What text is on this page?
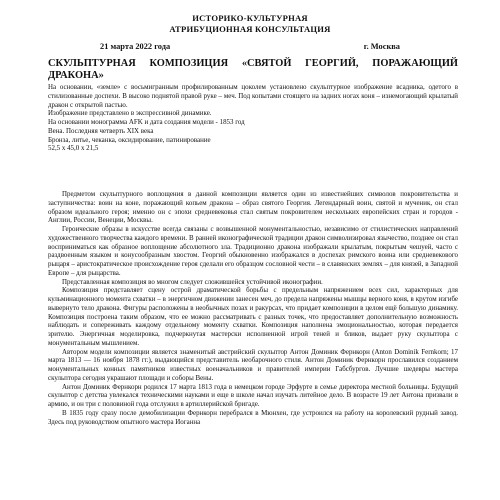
ИСТОРИКО-КУЛЬТУРНАЯ
АТРИБУЦИОННАЯ КОНСУЛЬТАЦИЯ
21 марта 2022 года	г. Москва
СКУЛЬПТУРНАЯ КОМПОЗИЦИЯ «СВЯТОЙ ГЕОРГИЙ, ПОРАЖАЮЩИЙ
ДРАКОНА»

На основании, «земле» с восьмигранным профилированным цоколем установлено скульптурное изображение всадника, одетого в стилизованные доспехи. В высоко поднятой правой руке – меч. Под копытами стоящего на задних ногах коня – изнемогающий крылатый дракон с открытой пастью.

Изображение представлено в экспрессивной динамике.

На основании монограмма AFK и дата создания модели - 1853 год

Вена. Последняя четверть XIX века

Бронза, литье, чеканка, оксидирование, патинирование

52,5 x 45,0 x 21,5

Предметом скульптурного воплощения в данной композиции является один из известнейших символов покровительства и заступничества: воин на коне, поражающий копьем дракона – образ святого Георгия. Легендарный воин, святой и мученик, он стал образом идеального героя; именно он с эпохи средневековья стал святым покровителем нескольких европейских стран и городов - Англии, России, Венеции, Москвы.

Героические образы в искусстве всегда связаны с возвышенной монументальностью, независимо от стилистических направлений художественного творчества каждого времени. В ранней иконографической традиции дракон символизировал язычество, позднее он стал восприниматься как образное воплощение абсолютного зла. Традиционно дракона изображали крылатым, покрытым чешуей, часто с раздвоенным языком и конусообразным хвостом. Георгий обыкновенно изображался в доспехах римского воина или средневекового рыцаря – аристократическое происхождение героя сделали его образцом сословной чести – в славянских землях – для князей, в Западной Европе – для рыцарства.

Представленная композиция во многом следует сложившейся устойчивой иконографии.

Композиция представляет сцену острой драматической борьбы с предельным напряжением всех сил, характерных для кульминационного момента схватки – в энергичном движении занесен меч, до предела напряжены мышцы верного коня, в крутом изгибе вывернуто тело дракона. Фигуры расположены в необычных позах и ракурсах, что придает композиции в целом ещё большую динамику. Композиция построена таким образом, что ее можно рассматривать с разных точек, что предоставляет дополнительную возможность наблюдать и сопереживать каждому отдельному моменту схватки. Композиция наполнена эмоциональностью, которая передается зрителю. Энергичная моделировка, подчеркнутая мастерски исполненной игрой теней и бликов, выдает руку скульптора с монументальным мышлением.

Автором модели композиции является знаменитый австрийский скульптор Антон Доминик Фернкорн (Anton Dominik Fernkorn; 17 марта 1813 — 16 ноября 1878 гг.), выдающийся представитель необарочного стиля. Антон Доминик Фернкорн прославился созданием монументальных конных памятников известных военачальников и правителей империи Габсбургов. Лучшие шедевры мастера скульптора сегодня украшают площади и соборы Вены.

Антон Доминик Фернкорн родился 17 марта 1813 года в немецком городе Эрфурте в семье директора местной больницы. Будущий скульптор с детства увлекался техническими науками и еще в школе начал изучать литейное дело. В возрасте 19 лет Антона призвали в армию, и он три с половиной года отслужил в артиллерийской бригаде.

В 1835 году сразу после демобилизации Фернкорн перебрался в Мюнхен, где устроился на работу на королевский рудный завод. Здесь под руководством опытного мастера Иоганна
